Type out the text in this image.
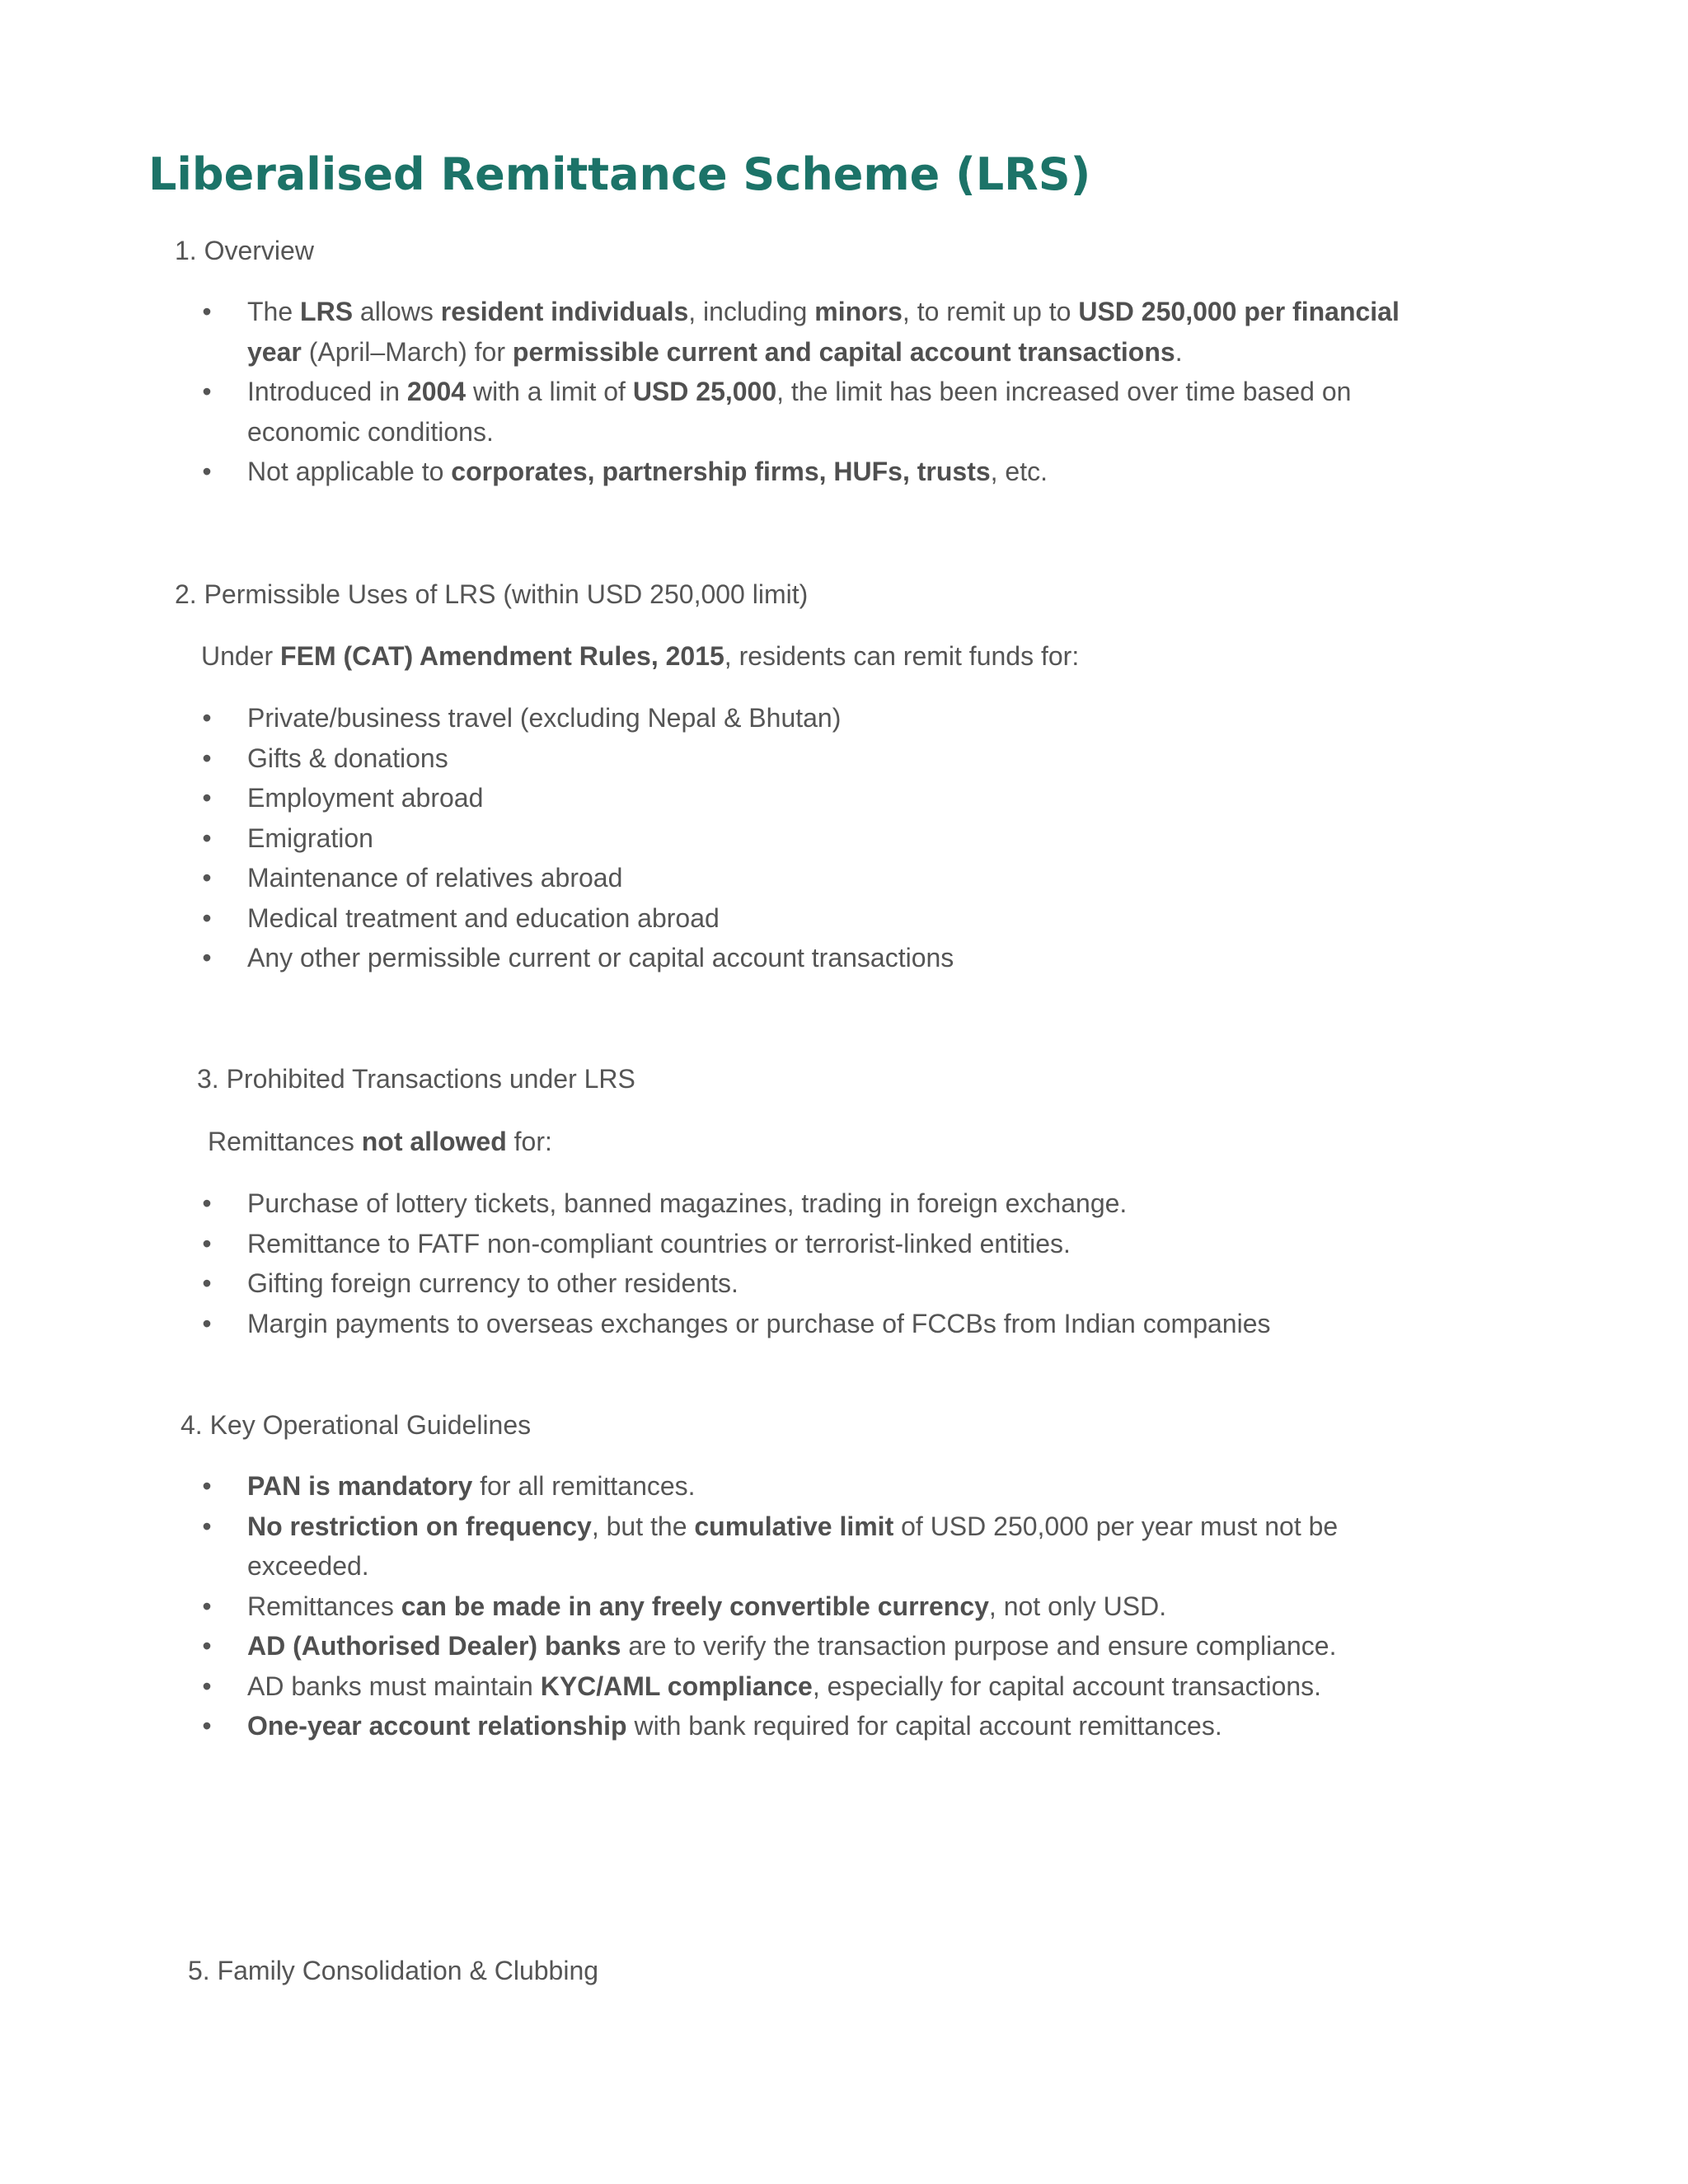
Liberalised Remittance Scheme (LRS)
1. Overview
• The LRS allows resident individuals, including minors, to remit up to USD 250,000 per financial year (April–March) for permissible current and capital account transactions.
• Introduced in 2004 with a limit of USD 25,000, the limit has been increased over time based on economic conditions.
• Not applicable to corporates, partnership firms, HUFs, trusts, etc.
2. Permissible Uses of LRS (within USD 250,000 limit)

Under FEM (CAT) Amendment Rules, 2015, residents can remit funds for:

• Private/business travel (excluding Nepal & Bhutan)
• Gifts & donations
• Employment abroad
• Emigration
• Maintenance of relatives abroad
• Medical treatment and education abroad
• Any other permissible current or capital account transactions
3. Prohibited Transactions under LRS

Remittances not allowed for:

• Purchase of lottery tickets, banned magazines, trading in foreign exchange.
• Remittance to FATF non-compliant countries or terrorist-linked entities.
• Gifting foreign currency to other residents.
• Margin payments to overseas exchanges or purchase of FCCBs from Indian companies
4. Key Operational Guidelines
• PAN is mandatory for all remittances.
• No restriction on frequency, but the cumulative limit of USD 250,000 per year must not be exceeded.
• Remittances can be made in any freely convertible currency, not only USD.
• AD (Authorised Dealer) banks are to verify the transaction purpose and ensure compliance.
• AD banks must maintain KYC/AML compliance, especially for capital account transactions.
• One-year account relationship with bank required for capital account remittances.
5. Family Consolidation & Clubbing
